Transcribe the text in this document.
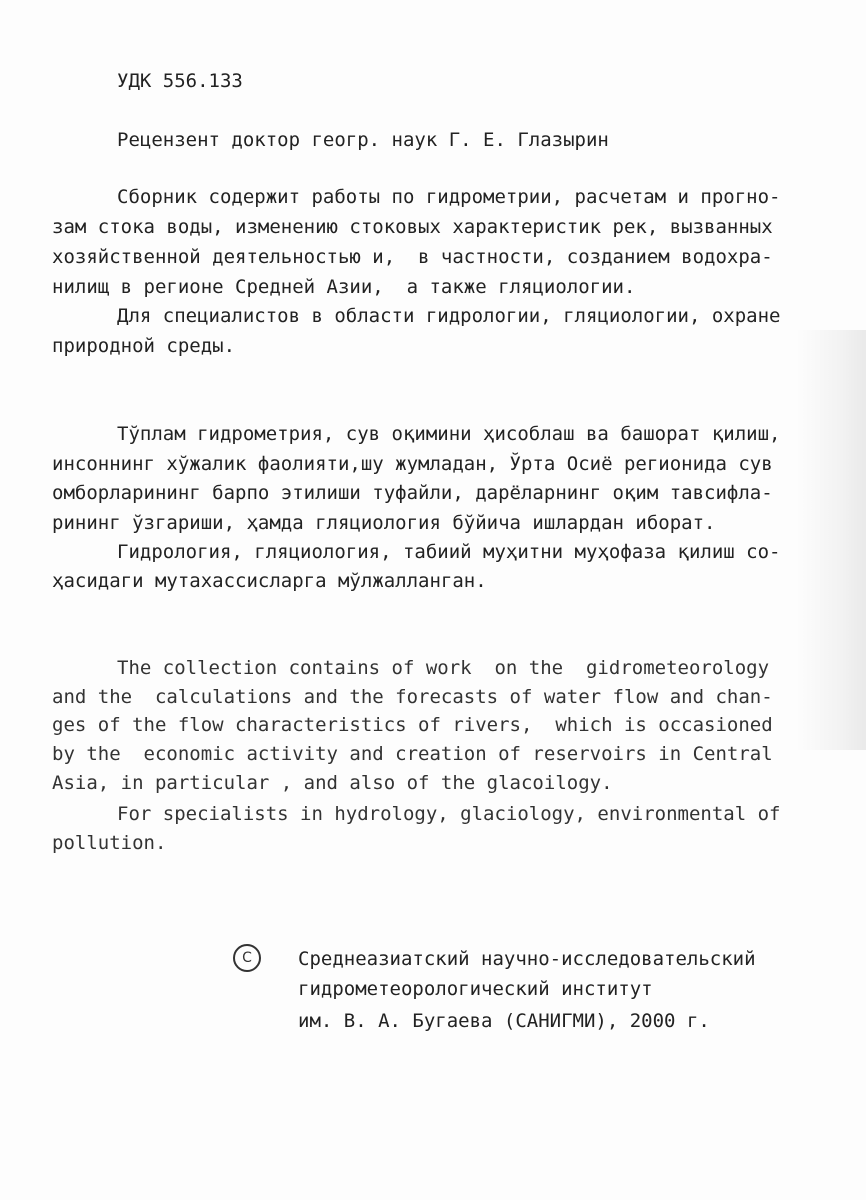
УДК 556.133
Рецензент доктор геогр. наук Г. Е. Глазырин
Сборник содержит работы по гидрометрии, расчетам и прогно-
зам стока воды, изменению стоковых характеристик рек, вызванных
хозяйственной деятельностью и,  в частности, созданием водохра-
нилищ в регионе Средней Азии,  а также гляциологии.
Для специалистов в области гидрологии, гляциологии, охране
природной среды.
Тўплам гидрометрия, сув оқимини ҳисоблаш ва башорат қилиш,
инсоннинг хўжалик фаолияти,шу жумладан, Ўрта Осиё регионида сув
омборларининг барпо этилиши туфайли, дарёларнинг оқим тавсифла-
рининг ўзгариши, ҳамда гляциология бўйича ишлардан иборат.
Гидрология, гляциология, табиий муҳитни муҳофаза қилиш со-
ҳасидаги мутахассисларга мўлжалланган.
The collection contains of work  on the  gidrometeorology
and the  calculations and the forecasts of water flow and chan-
ges of the flow characteristics of rivers,  which is occasioned
by the  economic activity and creation of reservoirs in Central
Asia, in particular , and also of the glacoilogy.
For specialists in hydrology, glaciology, environmental of
pollution.
C	Среднеазиатский научно-исследовательский
гидрометеорологический институт
им. В. А. Бугаева (САНИГМИ), 2000 г.
